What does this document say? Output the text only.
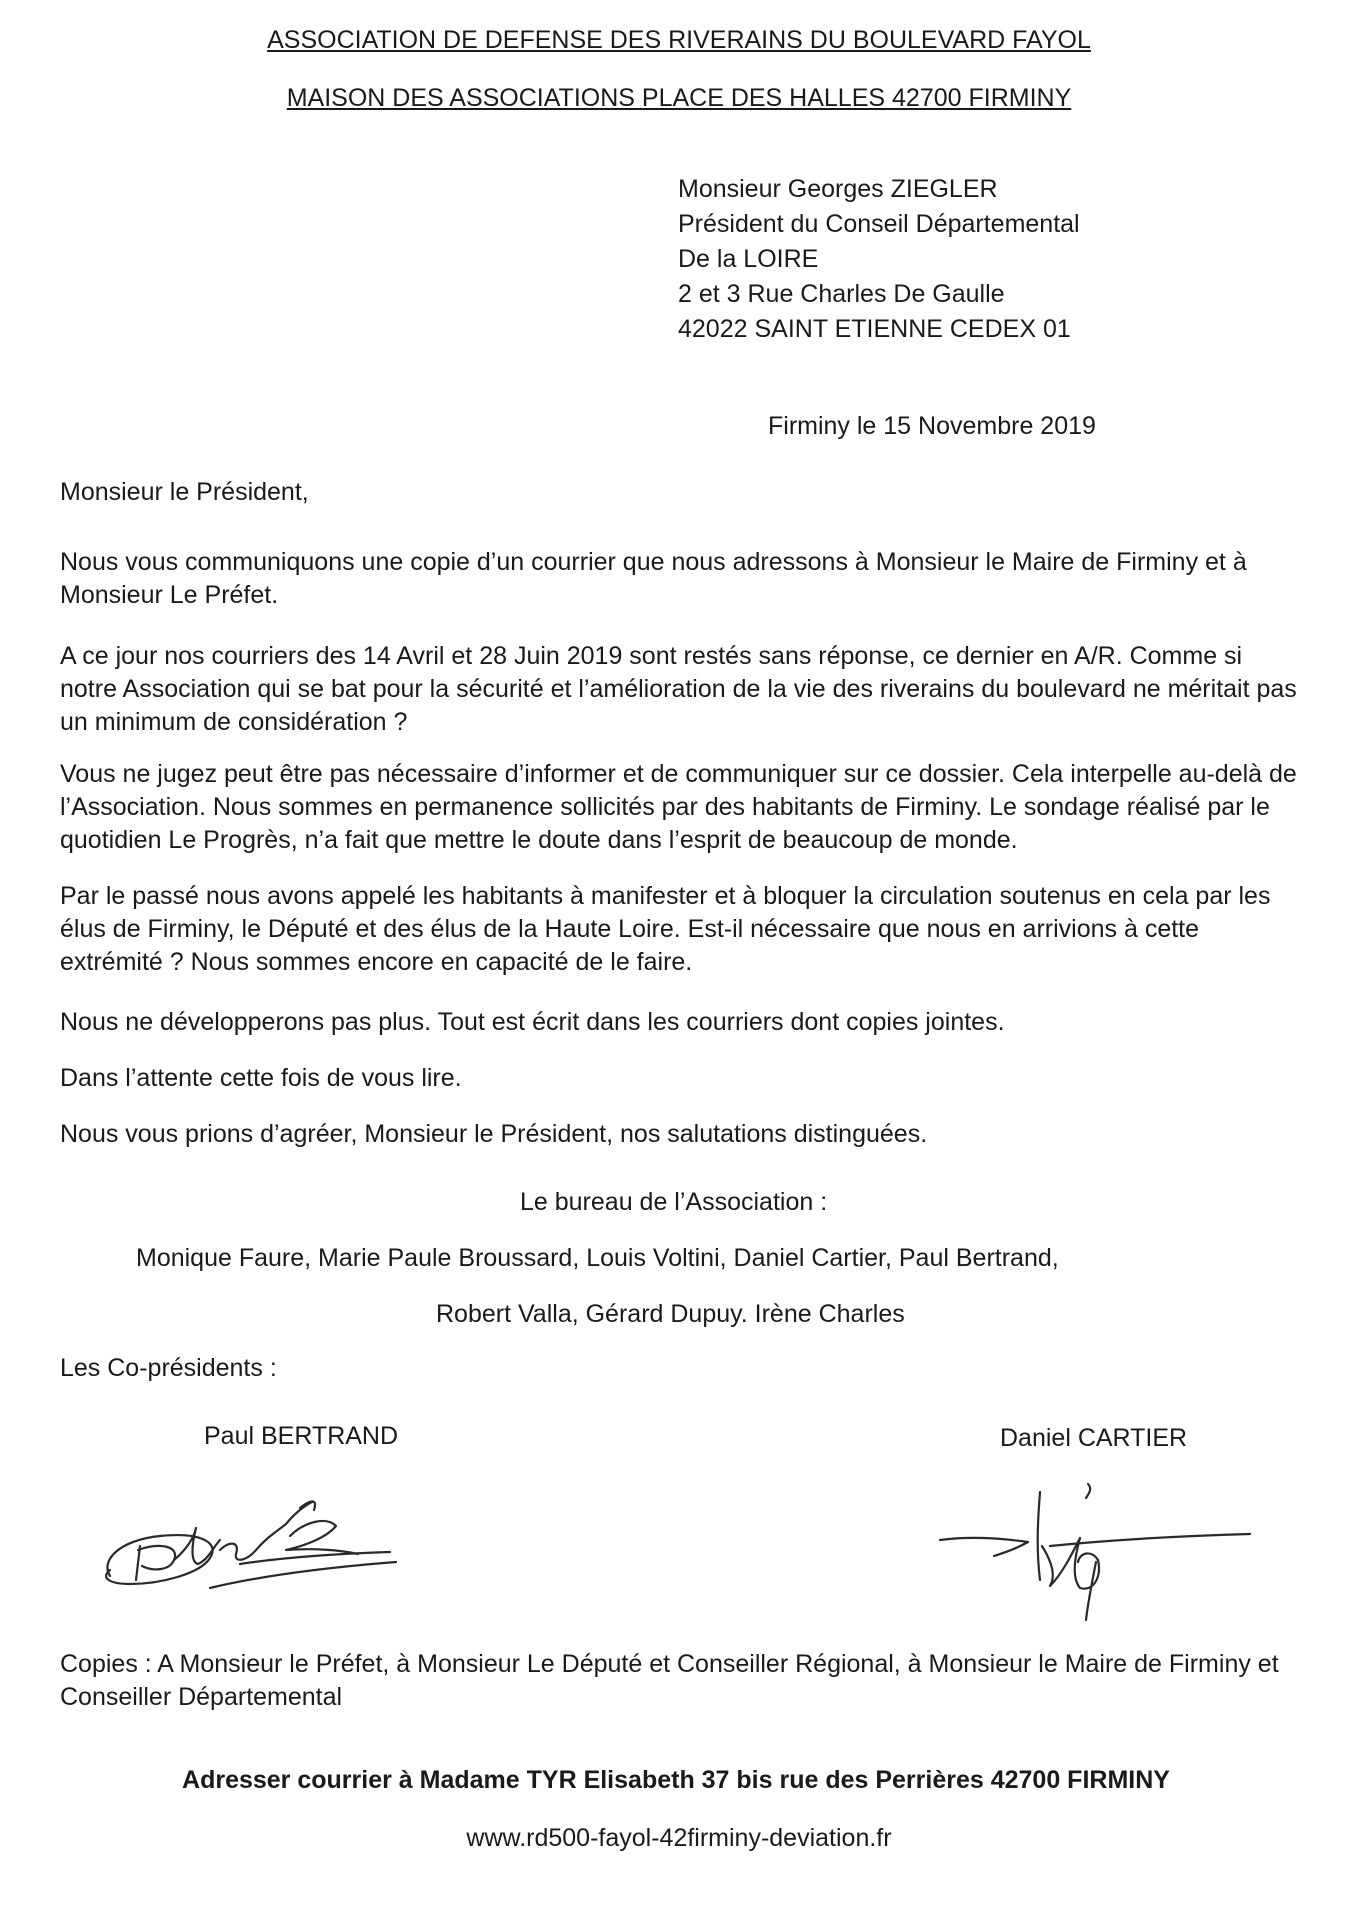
ASSOCIATION DE DEFENSE DES RIVERAINS DU BOULEVARD FAYOL
MAISON DES ASSOCIATIONS PLACE DES HALLES 42700 FIRMINY
Monsieur Georges ZIEGLER
Président du Conseil Départemental
De la LOIRE
2 et 3 Rue Charles De Gaulle
42022 SAINT ETIENNE CEDEX 01
Firminy le 15 Novembre 2019
Monsieur le Président,
Nous vous communiquons une copie d’un courrier que nous adressons à Monsieur le Maire de Firminy et à Monsieur Le Préfet.
A ce jour nos courriers des 14 Avril et 28 Juin 2019 sont restés sans réponse, ce dernier en A/R. Comme si notre Association qui se bat pour la sécurité et l’amélioration de la vie des riverains du boulevard ne méritait pas un minimum de considération ?
Vous ne jugez peut être pas nécessaire d’informer et de communiquer sur ce dossier. Cela interpelle au-delà de l’Association. Nous sommes en permanence sollicités par des habitants de Firminy. Le sondage réalisé par le quotidien Le Progrès, n’a fait que mettre le doute dans l’esprit de beaucoup de monde.
Par le passé nous avons appelé les habitants à manifester et à bloquer la circulation soutenus en cela par les élus de Firminy, le Député et des élus de la Haute Loire. Est-il nécessaire que nous en arrivions à cette extrémité ? Nous sommes encore en capacité de le faire.
Nous ne développerons pas plus. Tout est écrit dans les courriers dont copies jointes.
Dans l’attente cette fois de vous lire.
Nous vous prions d’agréer, Monsieur le Président, nos salutations distinguées.
Le bureau de l’Association :
Monique Faure, Marie Paule Broussard, Louis Voltini, Daniel Cartier, Paul Bertrand,
Robert Valla, Gérard Dupuy. Irène Charles
Les Co-présidents :
Paul BERTRAND	Daniel CARTIER
Copies : A Monsieur le Préfet, à Monsieur Le Député et Conseiller Régional, à Monsieur le Maire de Firminy et Conseiller Départemental
Adresser courrier à Madame TYR Elisabeth 37 bis rue des Perrières 42700 FIRMINY
www.rd500-fayol-42firminy-deviation.fr
